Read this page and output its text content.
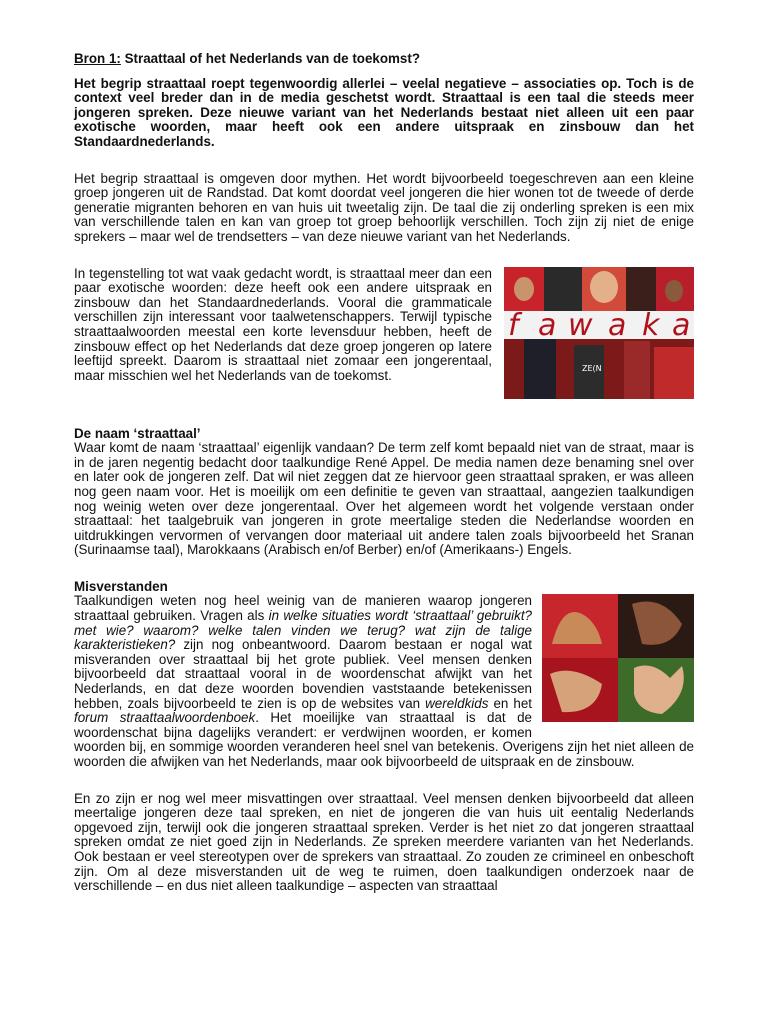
Bron 1: Straattaal of het Nederlands van de toekomst?

Het begrip straattaal roept tegenwoordig allerlei – veelal negatieve – associaties op. Toch is de context veel breder dan in de media geschetst wordt. Straattaal is een taal die steeds meer jongeren spreken. Deze nieuwe variant van het Nederlands bestaat niet alleen uit een paar exotische woorden, maar heeft ook een andere uitspraak en zinsbouw dan het Standaardnederlands.

Het begrip straattaal is omgeven door mythen. Het wordt bijvoorbeeld toegeschreven aan een kleine groep jongeren uit de Randstad. Dat komt doordat veel jongeren die hier wonen tot de tweede of derde generatie migranten behoren en van huis uit tweetalig zijn. De taal die zij onderling spreken is een mix van verschillende talen en kan van groep tot groep behoorlijk verschillen. Toch zijn zij niet de enige sprekers – maar wel de trendsetters – van deze nieuwe variant van het Nederlands.

f a w a k a
ZE(N

In tegenstelling tot wat vaak gedacht wordt, is straattaal meer dan een paar exotische woorden: deze heeft ook een andere uitspraak en zinsbouw dan het Standaardnederlands. Vooral die grammaticale verschillen zijn interessant voor taalwetenschappers. Terwijl typische straattaalwoorden meestal een korte levensduur hebben, heeft de zinsbouw effect op het Nederlands dat deze groep jongeren op latere leeftijd spreekt. Daarom is straattaal niet zomaar een jongerentaal, maar misschien wel het Nederlands van de toekomst.

De naam ‘straattaal’

Waar komt de naam ‘straattaal’ eigenlijk vandaan? De term zelf komt bepaald niet van de straat, maar is in de jaren negentig bedacht door taalkundige René Appel. De media namen deze benaming snel over en later ook de jongeren zelf. Dat wil niet zeggen dat ze hiervoor geen straattaal spraken, er was alleen nog geen naam voor. Het is moeilijk om een definitie te geven van straattaal, aangezien taalkundigen nog weinig weten over deze jongerentaal. Over het algemeen wordt het volgende verstaan onder straattaal: het taalgebruik van jongeren in grote meertalige steden die Nederlandse woorden en uitdrukkingen vervormen of vervangen door materiaal uit andere talen zoals bijvoorbeeld het Sranan (Surinaamse taal), Marokkaans (Arabisch en/of Berber) en/of (Amerikaans-) Engels.

Misverstanden

Taalkundigen weten nog heel weinig van de manieren waarop jongeren straattaal gebruiken. Vragen als in welke situaties wordt ‘straattaal’ gebruikt? met wie? waarom? welke talen vinden we terug? wat zijn de talige karakteristieken? zijn nog onbeantwoord. Daarom bestaan er nogal wat misveranden over straattaal bij het grote publiek. Veel mensen denken bijvoorbeeld dat straattaal vooral in de woordenschat afwijkt van het Nederlands, en dat deze woorden bovendien vaststaande betekenissen hebben, zoals bijvoorbeeld te zien is op de websites van wereldkids en het forum straattaalwoordenboek. Het moeilijke van straattaal is dat de woordenschat bijna dagelijks verandert: er verdwijnen woorden, er komen woorden bij, en sommige woorden veranderen heel snel van betekenis. Overigens zijn het niet alleen de woorden die afwijken van het Nederlands, maar ook bijvoorbeeld de uitspraak en de zinsbouw.

En zo zijn er nog wel meer misvattingen over straattaal. Veel mensen denken bijvoorbeeld dat alleen meertalige jongeren deze taal spreken, en niet de jongeren die van huis uit eentalig Nederlands opgevoed zijn, terwijl ook die jongeren straattaal spreken. Verder is het niet zo dat jongeren straattaal spreken omdat ze niet goed zijn in Nederlands. Ze spreken meerdere varianten van het Nederlands. Ook bestaan er veel stereotypen over de sprekers van straattaal. Zo zouden ze crimineel en onbeschoft zijn. Om al deze misverstanden uit de weg te ruimen, doen taalkundigen onderzoek naar de verschillende – en dus niet alleen taalkundige – aspecten van straattaal
